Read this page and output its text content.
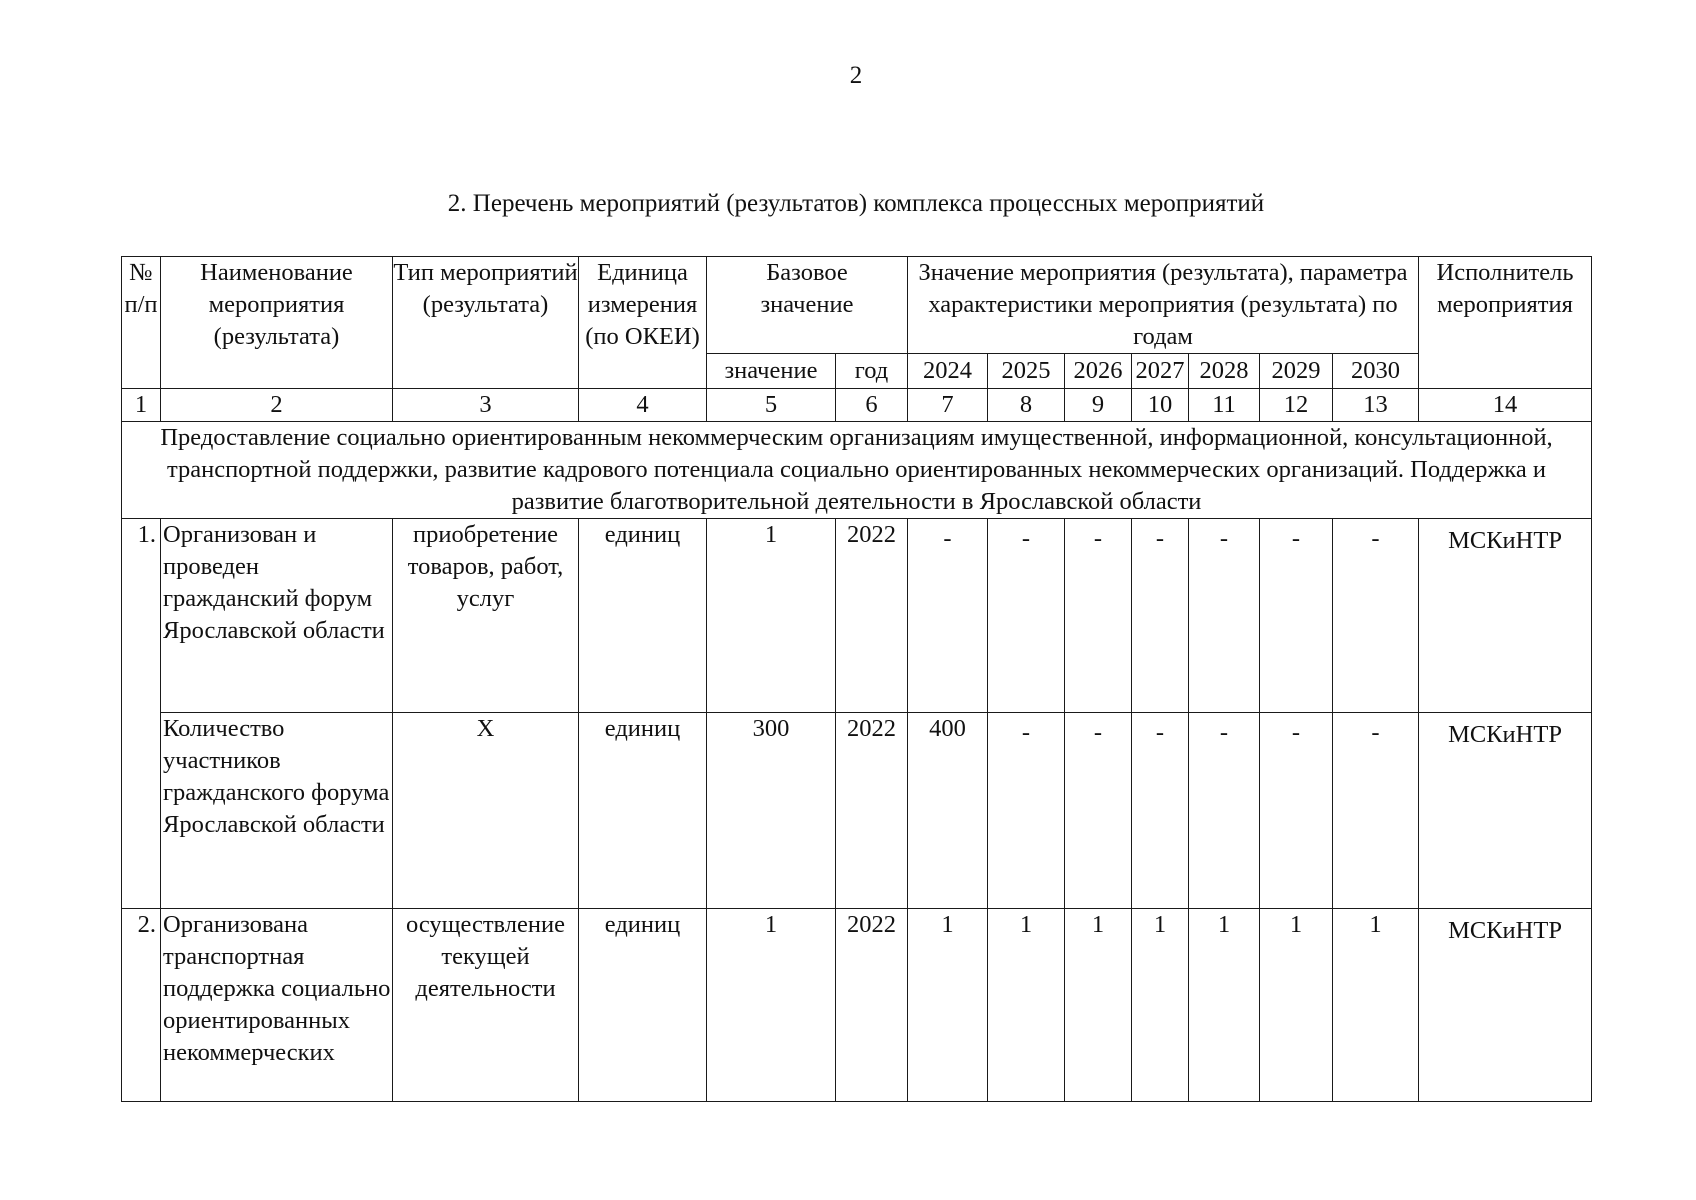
2
2. Перечень мероприятий (результатов) комплекса процессных мероприятий
№ п/п	Наименование мероприятия (результата)	Тип мероприятий (результата)	Единица измерения (по ОКЕИ)	Базовое значение		Значение мероприятия (результата), параметра характеристики мероприятия (результата) по годам							Исполнитель мероприятия
				значение	год	2024	2025	2026	2027	2028	2029	2030	
1	2	3	4	5	6	7	8	9	10	11	12	13	14
Предоставление социально ориентированным некоммерческим организациям имущественной, информационной, консультационной, транспортной поддержки, развитие кадрового потенциала социально ориентированных некоммерческих организаций. Поддержка и развитие благотворительной деятельности в Ярославской области													
1.	Организован и проведен гражданский форум Ярославской области	приобретение товаров, работ, услуг	единиц	1	2022	-	-	-	-	-	-	-	МСКиНТР
	Количество участников гражданского форума Ярославской области	Х	единиц	300	2022	400	-	-	-	-	-	-	МСКиНТР
2.	Организована транспортная поддержка социально ориентированных некоммерческих	осуществление текущей деятельности	единиц	1	2022	1	1	1	1	1	1	1	МСКиНТР
